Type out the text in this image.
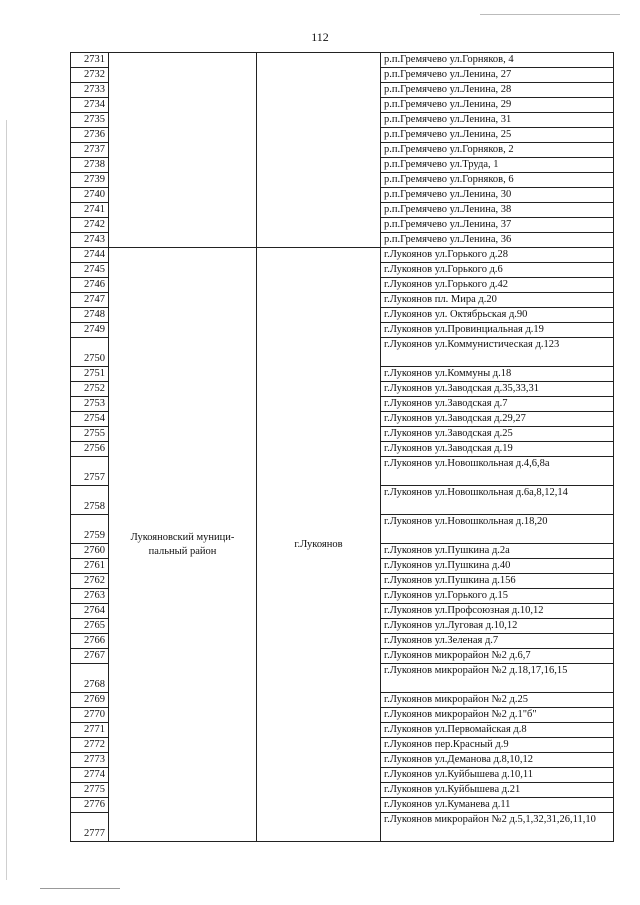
112
2731			р.п.Гремячево ул.Горняков, 4
2732			р.п.Гремячево ул.Ленина, 27
2733			р.п.Гремячево ул.Ленина, 28
2734			р.п.Гремячево ул.Ленина, 29
2735			р.п.Гремячево ул.Ленина, 31
2736			р.п.Гремячево ул.Ленина, 25
2737			р.п.Гремячево ул.Горняков, 2
2738			р.п.Гремячево ул.Труда, 1
2739			р.п.Гремячево ул.Горняков, 6
2740			р.п.Гремячево ул.Ленина, 30
2741			р.п.Гремячево ул.Ленина, 38
2742			р.п.Гремячево ул.Ленина, 37
2743			р.п.Гремячево ул.Ленина, 36
2744	Лукояновский муници-пальный район	г.Лукоянов	г.Лукоянов ул.Горького д.28
2745			г.Лукоянов ул.Горького д.6
2746			г.Лукоянов ул.Горького д.42
2747			г.Лукоянов пл. Мира д.20
2748			г.Лукоянов ул. Октябрьская д.90
2749			г.Лукоянов ул.Провинциальная д.19
2750			г.Лукоянов ул.Коммунистическая д.123
2751			г.Лукоянов ул.Коммуны д.18
2752			г.Лукоянов ул.Заводская д.35,33,31
2753			г.Лукоянов ул.Заводская д.7
2754			г.Лукоянов ул.Заводская д.29,27
2755			г.Лукоянов ул.Заводская д.25
2756			г.Лукоянов ул.Заводская д.19
2757			г.Лукоянов ул.Новошкольная д.4,6,8а
2758			г.Лукоянов ул.Новошкольная д.6а,8,12,14
2759			г.Лукоянов ул.Новошкольная д.18,20
2760			г.Лукоянов ул.Пушкина д.2а
2761			г.Лукоянов ул.Пушкина д.40
2762			г.Лукоянов ул.Пушкина д.156
2763			г.Лукоянов ул.Горького д.15
2764			г.Лукоянов ул.Профсоюзная д.10,12
2765			г.Лукоянов ул.Луговая д.10,12
2766			г.Лукоянов ул.Зеленая д.7
2767			г.Лукоянов микрорайон №2 д.6,7
2768			г.Лукоянов микрорайон №2 д.18,17,16,15
2769			г.Лукоянов микрорайон №2 д.25
2770			г.Лукоянов микрорайон №2 д.1"б"
2771			г.Лукоянов ул.Первомайская д.8
2772			г.Лукоянов пер.Красный д.9
2773			г.Лукоянов ул.Деманова д.8,10,12
2774			г.Лукоянов ул.Куйбышева д.10,11
2775			г.Лукоянов ул.Куйбышева д.21
2776			г.Лукоянов ул.Куманева д.11
2777			г.Лукоянов микрорайон №2 д.5,1,32,31,26,11,10
